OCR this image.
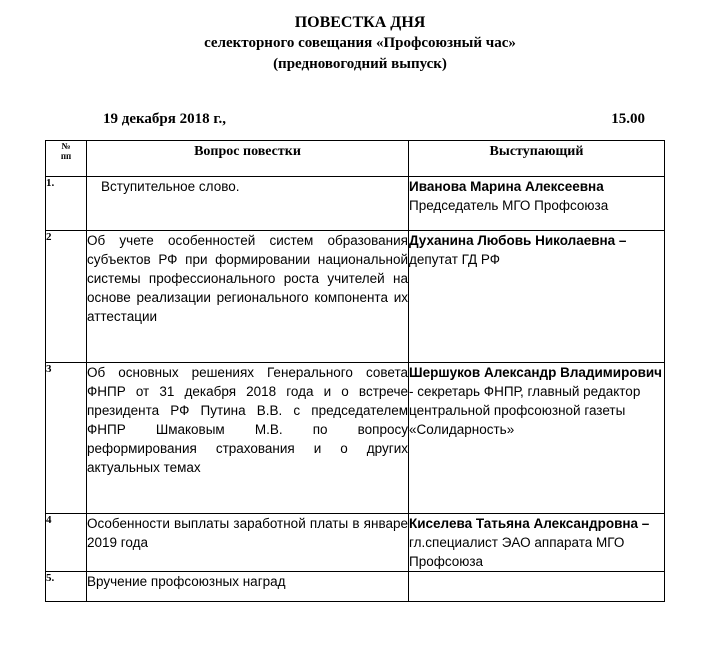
ПОВЕСТКА ДНЯ
селекторного совещания «Профсоюзный час»
(предновогодний выпуск)
19 декабря 2018 г.,	15.00
№
пп	Вопрос повестки	Выступающий

1.	Вступительное слово.	Иванова Марина Алексеевна
Председатель МГО Профсоюза
2	Об учете особенностей систем образования субъектов РФ при формировании национальной системы профессионального роста учителей на основе реализации регионального компонента их аттестации	Духанина Любовь Николаевна –
депутат ГД РФ
3	Об основных решениях Генерального совета ФНПР от 31 декабря 2018 года и о встрече президента РФ Путина В.В. с председателем ФНПР Шмаковым М.В. по вопросу реформирования страхования и о других актуальных темах	Шершуков Александр Владимирович - секретарь ФНПР, главный редактор центральной профсоюзной газеты «Солидарность»
4	Особенности выплаты заработной платы в январе 2019 года	Киселева Татьяна Александровна –
гл.специалист ЭАО аппарата МГО Профсоюза
5.	Вручение профсоюзных наград	
